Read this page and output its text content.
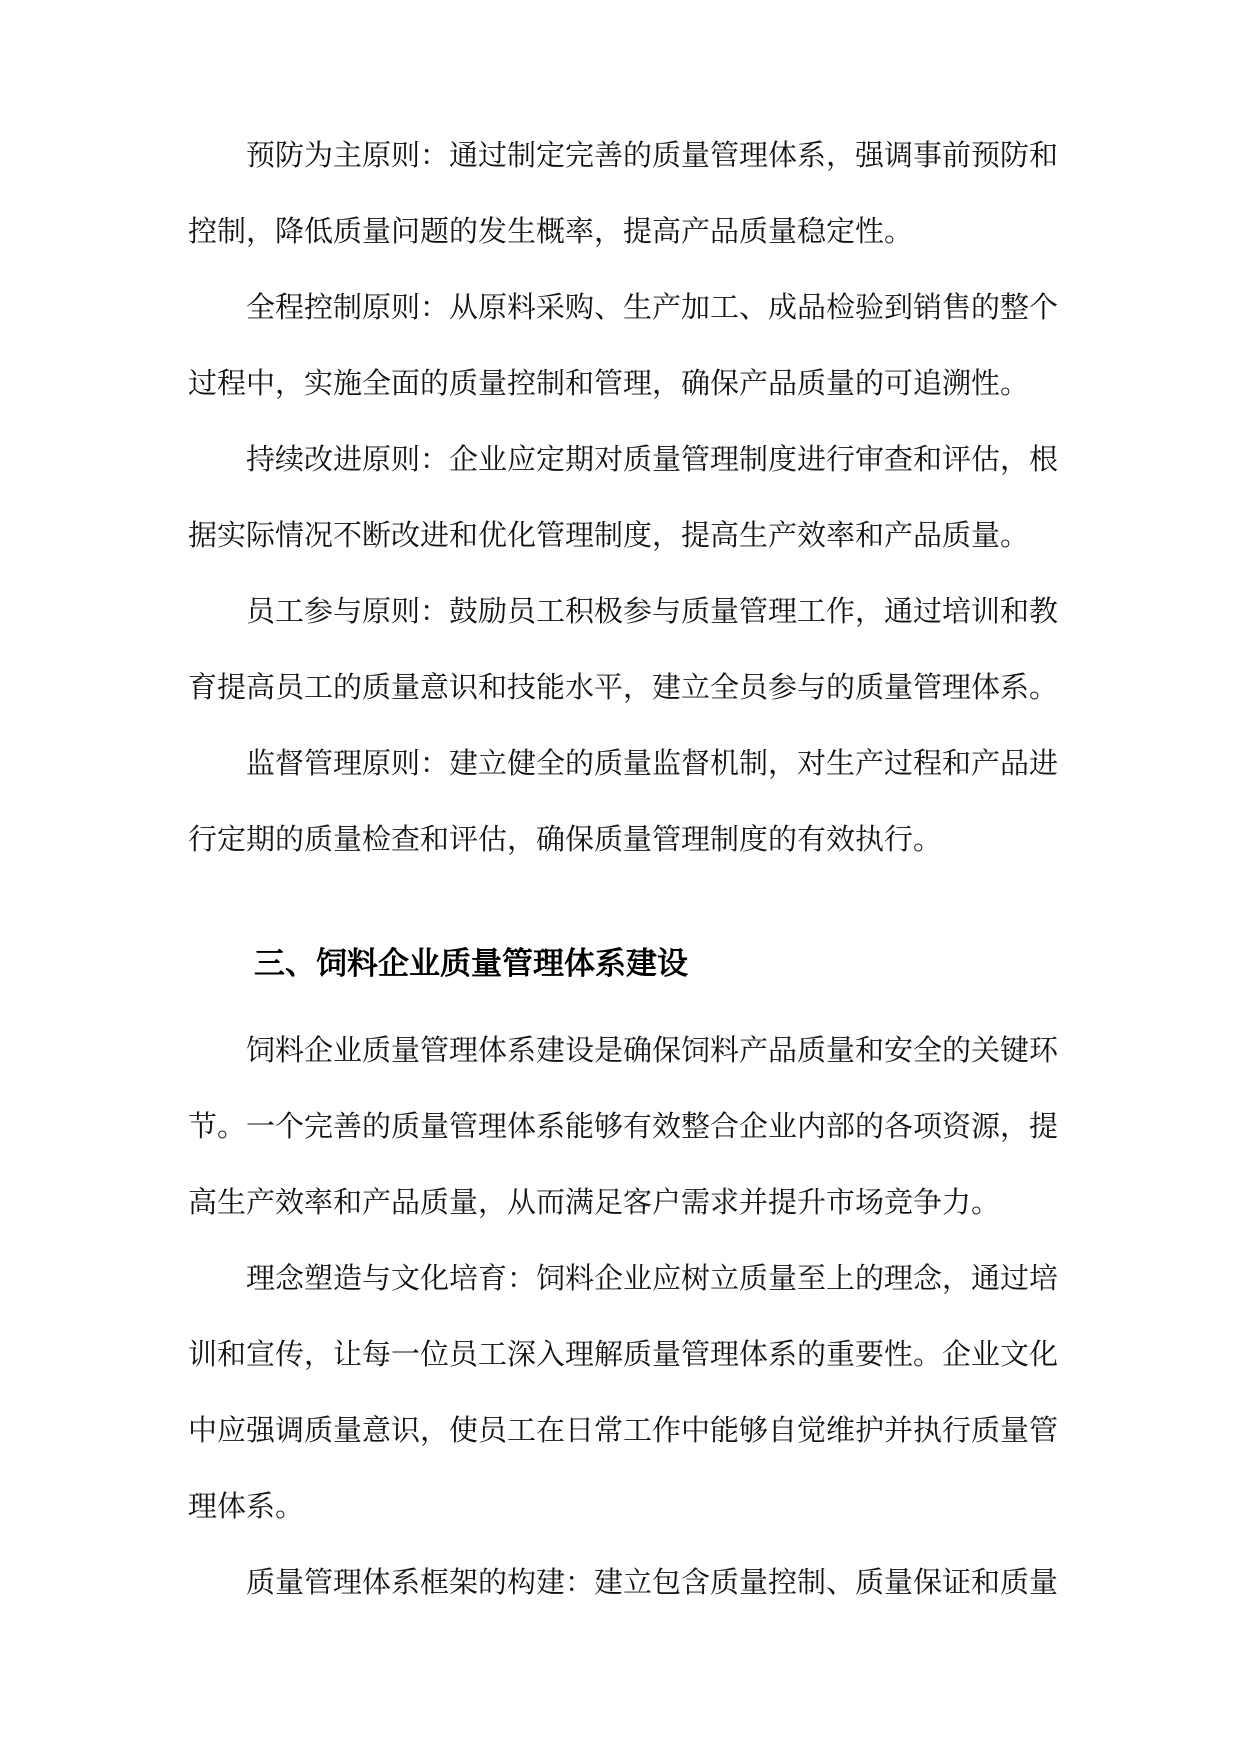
预防为主原则：通过制定完善的质量管理体系，强调事前预防和控制，降低质量问题的发生概率，提高产品质量稳定性。

全程控制原则：从原料采购、生产加工、成品检验到销售的整个过程中，实施全面的质量控制和管理，确保产品质量的可追溯性。

持续改进原则：企业应定期对质量管理制度进行审查和评估，根据实际情况不断改进和优化管理制度，提高生产效率和产品质量。

员工参与原则：鼓励员工积极参与质量管理工作，通过培训和教育提高员工的质量意识和技能水平，建立全员参与的质量管理体系。

监督管理原则：建立健全的质量监督机制，对生产过程和产品进行定期的质量检查和评估，确保质量管理制度的有效执行。

三、饲料企业质量管理体系建设

饲料企业质量管理体系建设是确保饲料产品质量和安全的关键环节。一个完善的质量管理体系能够有效整合企业内部的各项资源，提高生产效率和产品质量，从而满足客户需求并提升市场竞争力。

理念塑造与文化培育：饲料企业应树立质量至上的理念，通过培训和宣传，让每一位员工深入理解质量管理体系的重要性。企业文化中应强调质量意识，使员工在日常工作中能够自觉维护并执行质量管理体系。

质量管理体系框架的构建：建立包含质量控制、质量保证和质量
